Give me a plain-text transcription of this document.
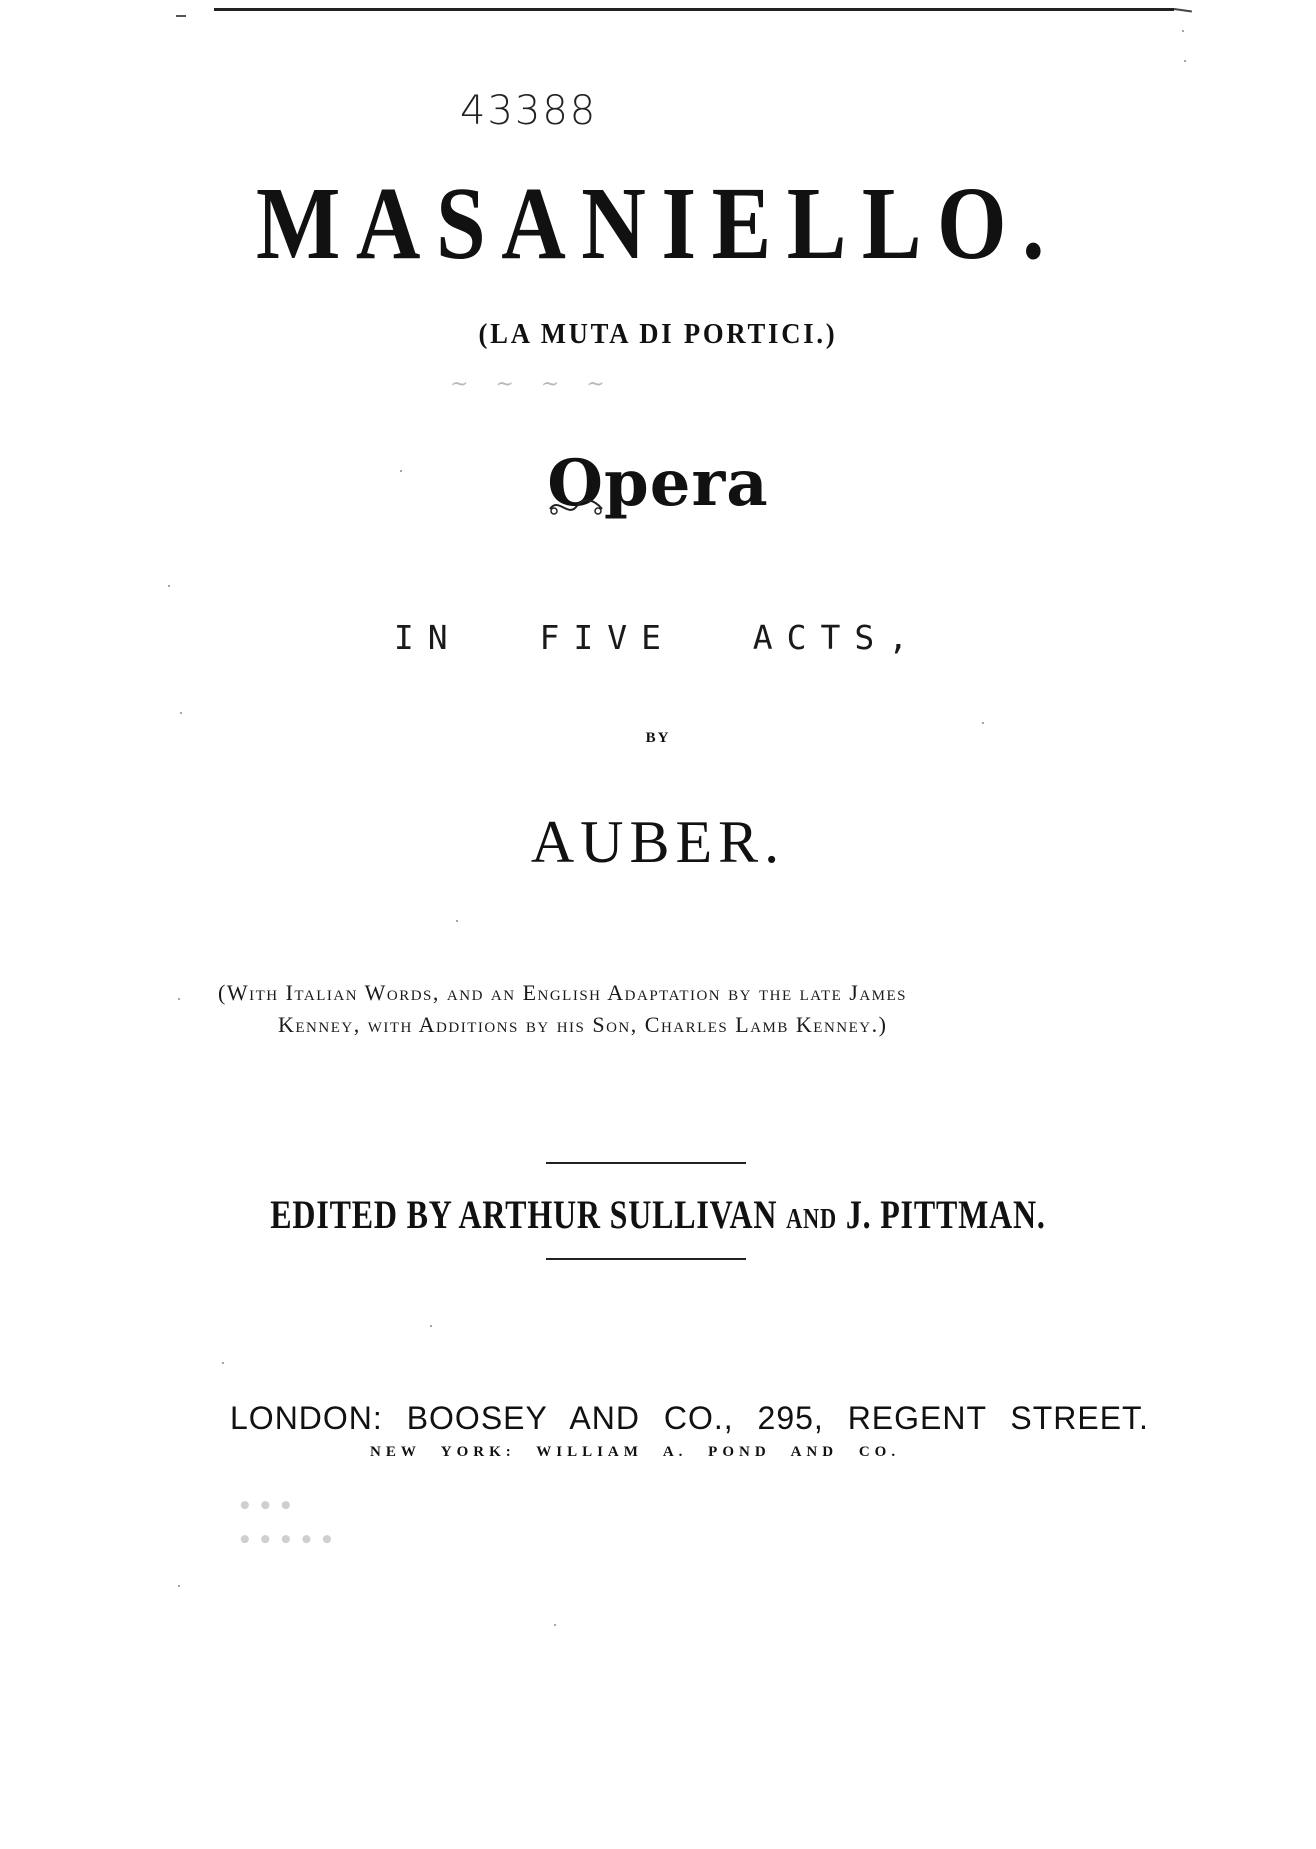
43388
MASANIELLO.
(LA MUTA DI PORTICI.)
~ ~ ~ ~
Opera
IN FIVE ACTS,
BY
AUBER.
(With Italian Words, and an English Adaptation by the late James
Kenney, with Additions by his Son, Charles Lamb Kenney.)
EDITED BY ARTHUR SULLIVAN AND J. PITTMAN.
LONDON: BOOSEY AND CO., 295, REGENT STREET.
NEW YORK: WILLIAM A. POND AND CO.
∙∙∙
∙∙∙∙∙
